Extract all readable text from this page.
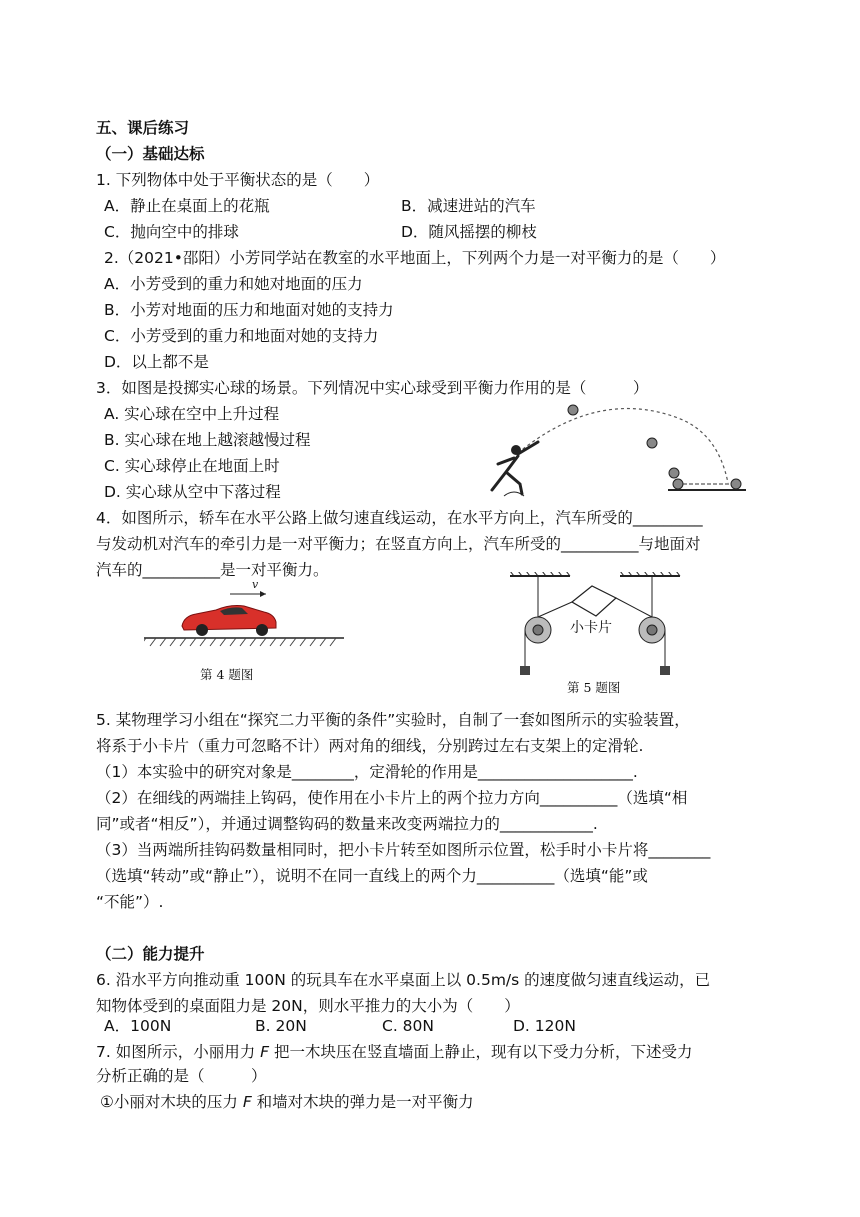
五、课后练习
（一）基础达标
1. 下列物体中处于平衡状态的是（　　）
A．静止在桌面上的花瓶	B．减速进站的汽车
C．抛向空中的排球	D．随风摇摆的柳枝
2.（2021•邵阳）小芳同学站在教室的水平地面上，下列两个力是一对平衡力的是（　　）
A．小芳受到的重力和她对地面的压力
B．小芳对地面的压力和地面对她的支持力
C．小芳受到的重力和地面对她的支持力
D．以上都不是
3．如图是投掷实心球的场景。下列情况中实心球受到平衡力作用的是（　　　）
A. 实心球在空中上升过程
B. 实心球在地上越滚越慢过程
C. 实心球停止在地面上时
D. 实心球从空中下落过程
4．如图所示，轿车在水平公路上做匀速直线运动，在水平方向上，汽车所受的_________
与发动机对汽车的牵引力是一对平衡力；在竖直方向上，汽车所受的__________与地面对
汽车的__________是一对平衡力。
v
第 4 题图
小卡片
第 5 题图
5. 某物理学习小组在“探究二力平衡的条件”实验时，自制了一套如图所示的实验装置，
将系于小卡片（重力可忽略不计）两对角的细线，分别跨过左右支架上的定滑轮.
（1）本实验中的研究对象是________，定滑轮的作用是____________________.
（2）在细线的两端挂上钩码，使作用在小卡片上的两个拉力方向__________（选填“相
同”或者“相反”），并通过调整钩码的数量来改变两端拉力的____________.
（3）当两端所挂钩码数量相同时，把小卡片转至如图所示位置，松手时小卡片将________
（选填“转动”或“静止”），说明不在同一直线上的两个力__________（选填“能”或
“不能”）.
（二）能力提升
6. 沿水平方向推动重 100N 的玩具车在水平桌面上以 0.5m/s 的速度做匀速直线运动，已
知物体受到的桌面阻力是 20N，则水平推力的大小为（　　）
A．100N	B. 20N	C. 80N	D. 120N
7. 如图所示，小丽用力 F 把一木块压在竖直墙面上静止，现有以下受力分析，下述受力
分析正确的是（　　　）
①小丽对木块的压力 F 和墙对木块的弹力是一对平衡力
